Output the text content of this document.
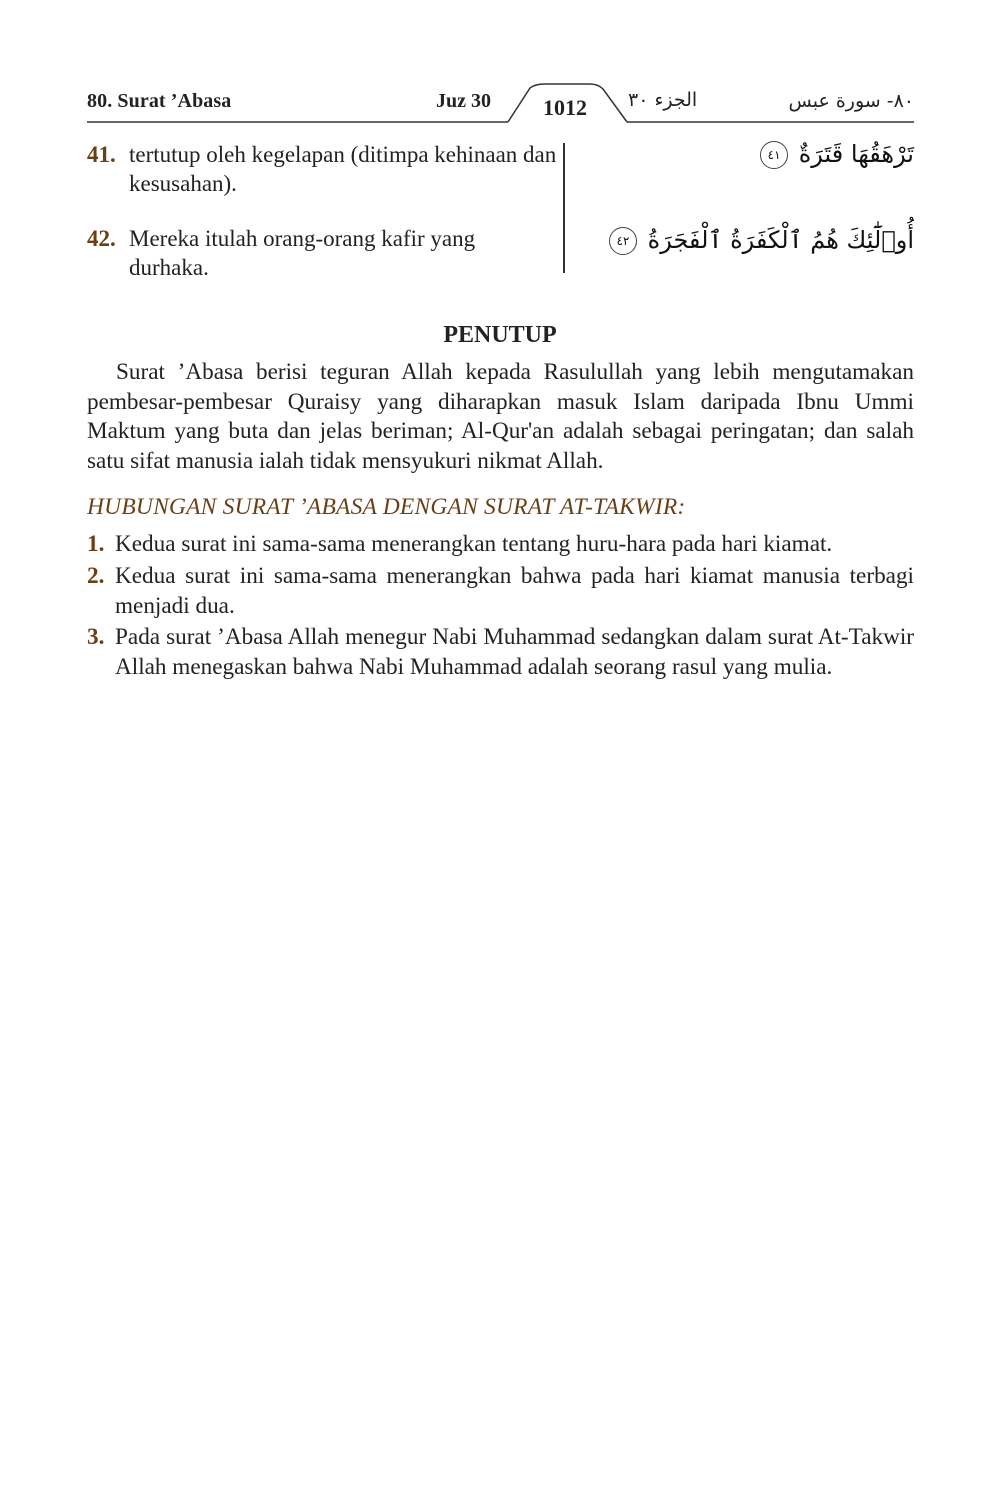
80. Surat ’Abasa	Juz 30	1012	الجزء ٣٠	٨٠- سورة عبس
41. tertutup oleh kegelapan (ditimpa kehinaan dan kesusahan).
تَرْهَقُهَا قَتَرَةٌ ٤١
42. Mereka itulah orang-orang kafir yang durhaka.
أُو۟لَٰٓئِكَ هُمُ ٱلْكَفَرَةُ ٱلْفَجَرَةُ ٤٢
PENUTUP

Surat ’Abasa berisi teguran Allah kepada Rasulullah yang lebih mengutamakan pembesar-pembesar Quraisy yang diharapkan masuk Islam daripada Ibnu Ummi Maktum yang buta dan jelas beriman; Al-Qur'an adalah sebagai peringatan; dan salah satu sifat manusia ialah tidak mensyukuri nikmat Allah.

HUBUNGAN SURAT ’ABASA DENGAN SURAT AT-TAKWIR:
1. Kedua surat ini sama-sama menerangkan tentang huru-hara pada hari kiamat.
2. Kedua surat ini sama-sama menerangkan bahwa pada hari kiamat manusia terbagi menjadi dua.
3. Pada surat ’Abasa Allah menegur Nabi Muhammad sedangkan dalam surat At-Takwir Allah menegaskan bahwa Nabi Muhammad adalah seorang rasul yang mulia.
